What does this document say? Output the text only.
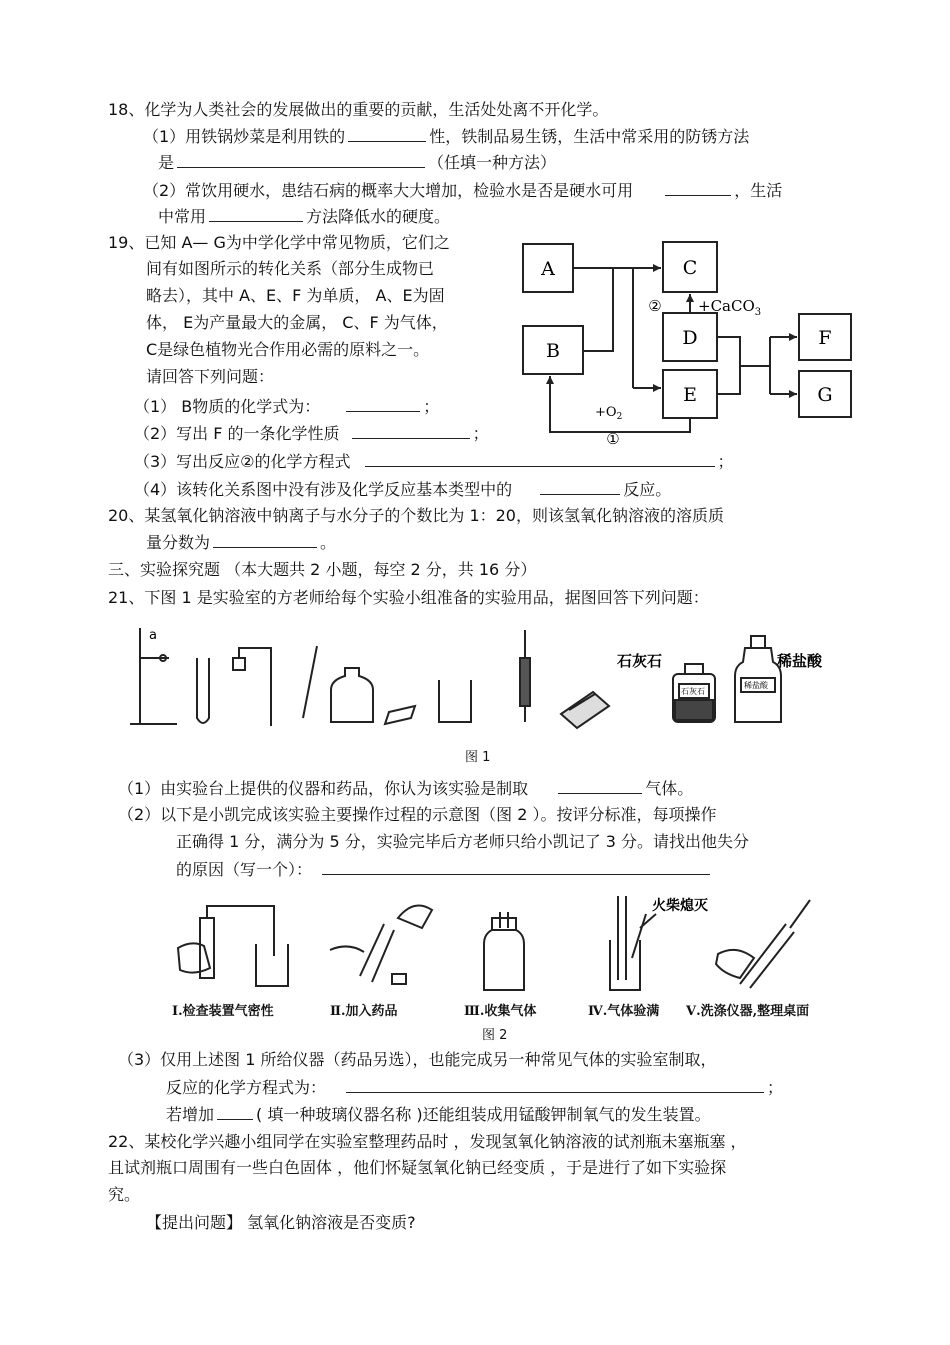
18、化学为人类社会的发展做出的重要的贡献，生活处处离不开化学。
（1）用铁锅炒菜是利用铁的	性，铁制品易生锈，生活中常采用的防锈方法
是	（任填一种方法）
（2）常饮用硬水，患结石病的概率大大增加，检验水是否是硬水可用	，生活
中常用	方法降低水的硬度。
19、已知 A— G为中学化学中常见物质，它们之
间有如图所示的转化关系（部分生成物已
略去），其中 A、E、F 为单质， A、E为固
体， E为产量最大的金属， C、F 为气体，
C是绿色植物光合作用必需的原料之一。
请回答下列问题：
（1） B物质的化学式为：	；
（2）写出 F 的一条化学性质	；
（3）写出反应②的化学方程式	；
（4）该转化关系图中没有涉及化学反应基本类型中的	反应。
A
B
C
D
E
F
G
② +CaCO$_3$
$+O_2$
①
20、某氢氧化钠溶液中钠离子与水分子的个数比为 1：20，则该氢氧化钠溶液的溶质质
量分数为	。
三、实验探究题 （本大题共 2 小题，每空 2 分，共 16 分）
21、下图 1 是实验室的方老师给每个实验小组准备的实验用品，据图回答下列问题：
a
石灰石	稀盐酸
石灰石
稀盐酸
图 1
（1）由实验台上提供的仪器和药品，你认为该实验是制取	气体。
（2）以下是小凯完成该实验主要操作过程的示意图（图 2 ）。按评分标准，每项操作
正确得 1 分，满分为 5 分，实验完毕后方老师只给小凯记了 3 分。请找出他失分
的原因（写一个）：
火柴熄灭
Ⅰ.检查装置气密性	Ⅱ.加入药品	Ⅲ.收集气体	Ⅳ.气体验满 Ⅴ.洗涤仪器,整理桌面
图 2
（3）仅用上述图 1 所给仪器（药品另选），也能完成另一种常见气体的实验室制取，
反应的化学方程式为：	；
若增加	( 填一种玻璃仪器名称 )还能组装成用锰酸钾制氧气的发生装置。
22、某校化学兴趣小组同学在实验室整理药品时 ，发现氢氧化钠溶液的试剂瓶未塞瓶塞 ，
且试剂瓶口周围有一些白色固体 ，他们怀疑氢氧化钠已经变质 ，于是进行了如下实验探
究。
【提出问题】 氢氧化钠溶液是否变质?
